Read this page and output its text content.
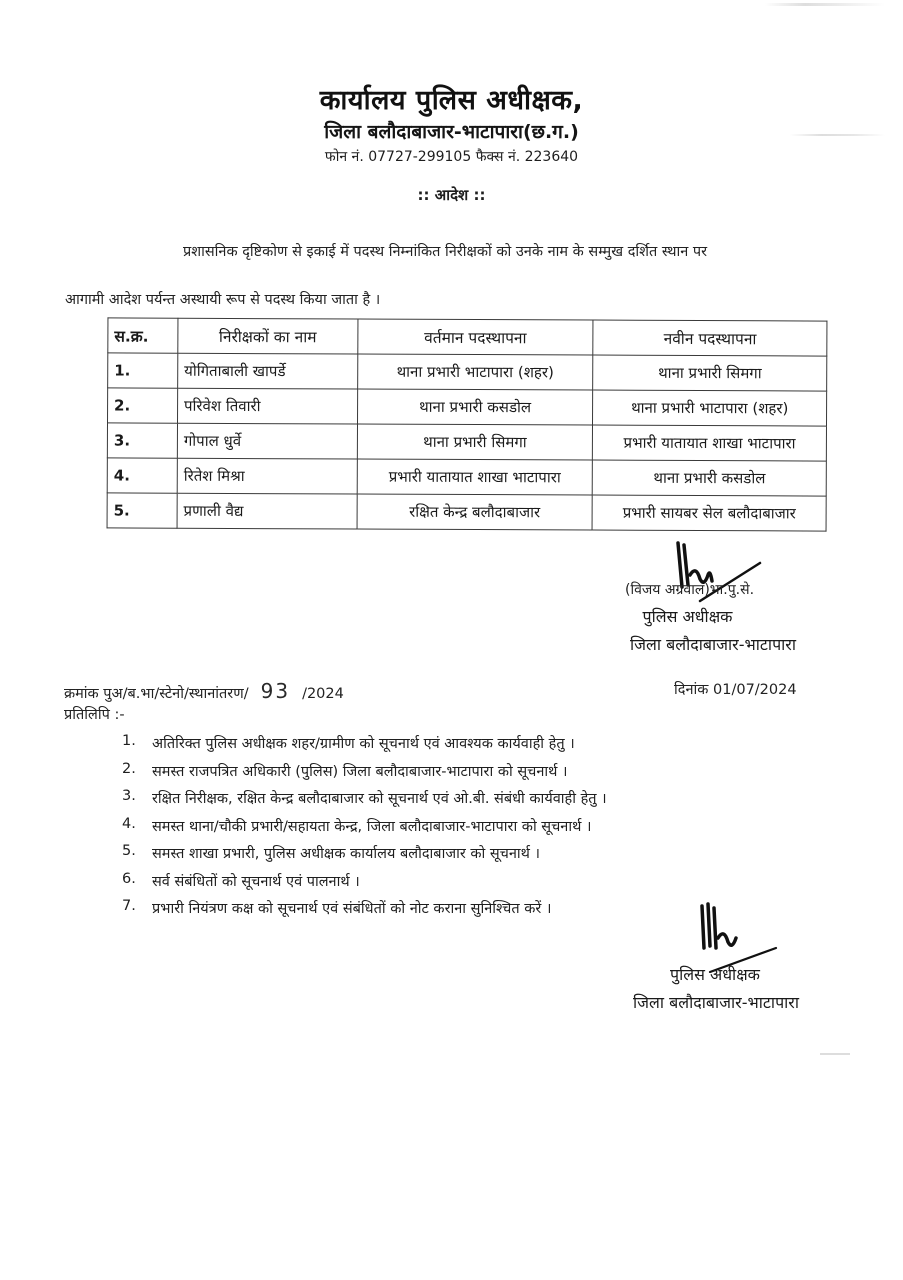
कार्यालय पुलिस अधीक्षक,
जिला बलौदाबाजार-भाटापारा(छ.ग.)
फोन नं. 07727-299105 फैक्स नं. 223640
:: आदेश ::
प्रशासनिक दृष्टिकोण से इकाई में पदस्थ निम्नांकित निरीक्षकों को उनके नाम के सम्मुख दर्शित स्थान पर
आगामी आदेश पर्यन्त अस्थायी रूप से पदस्थ किया जाता है ।
स.क्र.	निरीक्षकों का नाम	वर्तमान पदस्थापना	नवीन पदस्थापना
1.	योगिताबाली खापर्डे	थाना प्रभारी भाटापारा (शहर)	थाना प्रभारी सिमगा
2.	परिवेश तिवारी	थाना प्रभारी कसडोल	थाना प्रभारी भाटापारा (शहर)
3.	गोपाल धुर्वे	थाना प्रभारी सिमगा	प्रभारी यातायात शाखा भाटापारा
4.	रितेश मिश्रा	प्रभारी यातायात शाखा भाटापारा	थाना प्रभारी कसडोल
5.	प्रणाली वैद्य	रक्षित केन्द्र बलौदाबाजार	प्रभारी सायबर सेल बलौदाबाजार
(विजय अग्रवाल)भा.पु.से.
पुलिस अधीक्षक
जिला बलौदाबाजार-भाटापारा
क्रमांक पुअ/ब.भा/स्टेनो/स्थानांतरण/ 93 /2024	दिनांक 01/07/2024
प्रतिलिपि :-
1.	अतिरिक्त पुलिस अधीक्षक शहर/ग्रामीण को सूचनार्थ एवं आवश्यक कार्यवाही हेतु ।
2.	समस्त राजपत्रित अधिकारी (पुलिस) जिला बलौदाबाजार-भाटापारा को सूचनार्थ ।
3.	रक्षित निरीक्षक, रक्षित केन्द्र बलौदाबाजार को सूचनार्थ एवं ओ.बी. संबंधी कार्यवाही हेतु ।
4.	समस्त थाना/चौकी प्रभारी/सहायता केन्द्र, जिला बलौदाबाजार-भाटापारा को सूचनार्थ ।
5.	समस्त शाखा प्रभारी, पुलिस अधीक्षक कार्यालय बलौदाबाजार को सूचनार्थ ।
6.	सर्व संबंधितों को सूचनार्थ एवं पालनार्थ ।
7.	प्रभारी नियंत्रण कक्ष को सूचनार्थ एवं संबंधितों को नोट कराना सुनिश्चित करें ।
पुलिस अधीक्षक
जिला बलौदाबाजार-भाटापारा
